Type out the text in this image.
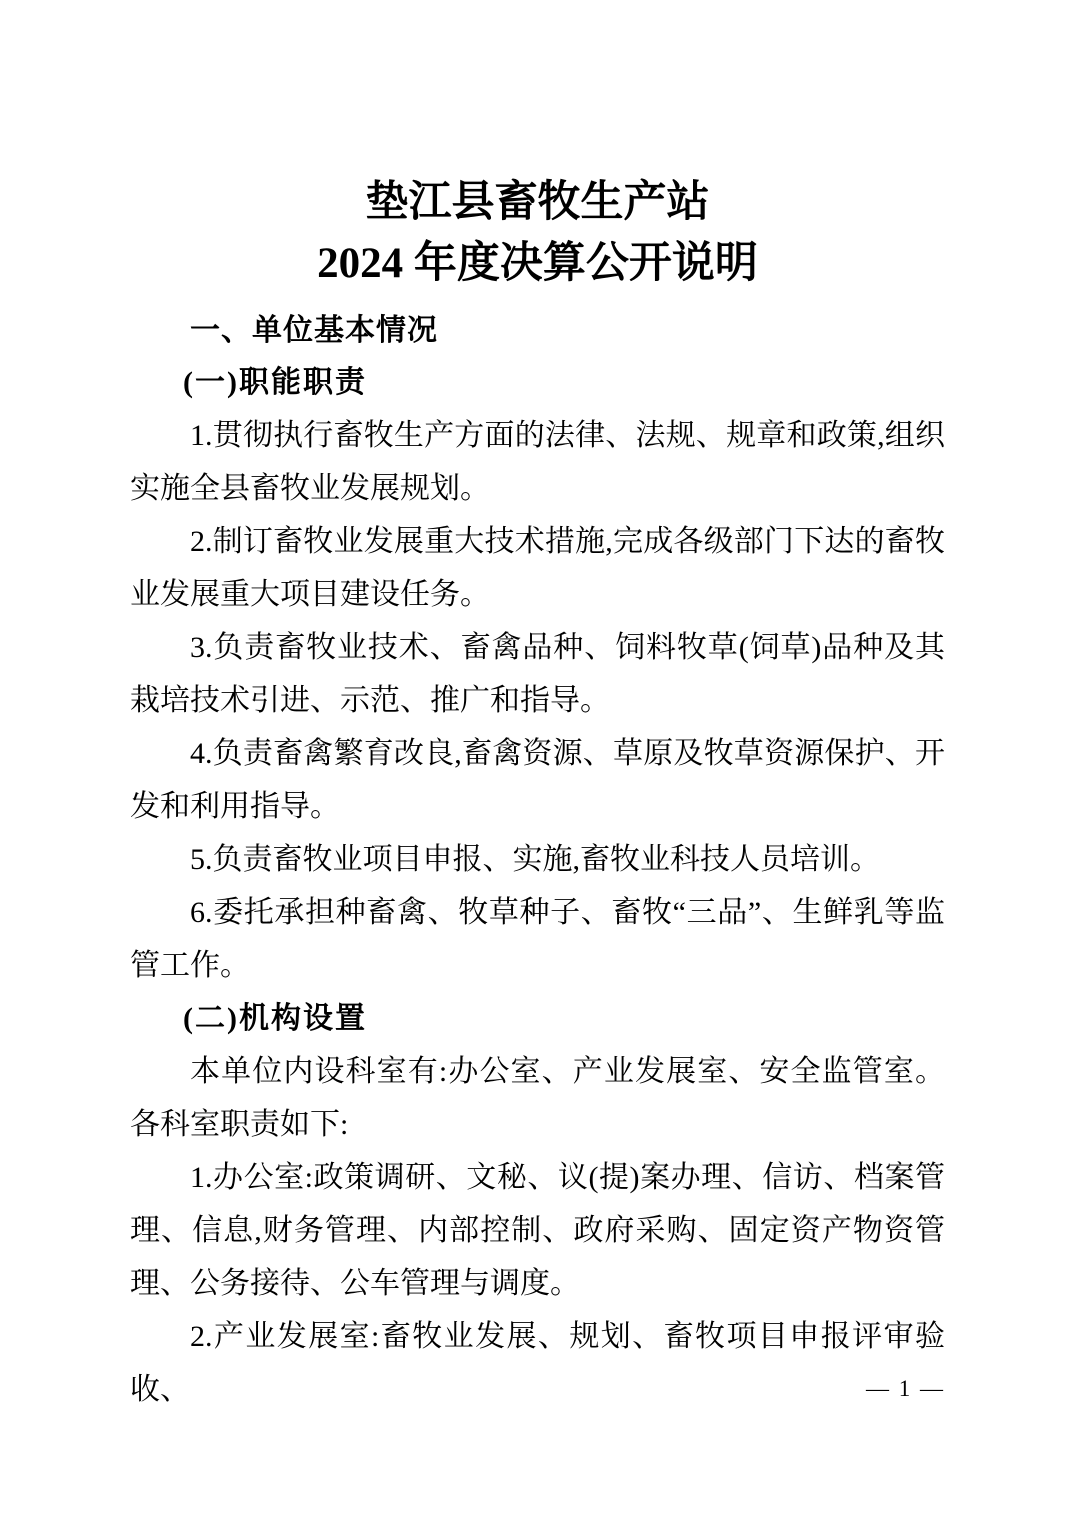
垫江县畜牧生产站
2024 年度决算公开说明
一、单位基本情况
(一)职能职责

1.贯彻执行畜牧生产方面的法律、法规、规章和政策,组织实施全县畜牧业发展规划。

2.制订畜牧业发展重大技术措施,完成各级部门下达的畜牧业发展重大项目建设任务。

3.负责畜牧业技术、畜禽品种、饲料牧草(饲草)品种及其栽培技术引进、示范、推广和指导。

4.负责畜禽繁育改良,畜禽资源、草原及牧草资源保护、开发和利用指导。

5.负责畜牧业项目申报、实施,畜牧业科技人员培训。

6.委托承担种畜禽、牧草种子、畜牧“三品”、生鲜乳等监管工作。

(二)机构设置

本单位内设科室有:办公室、产业发展室、安全监管室。各科室职责如下:

1.办公室:政策调研、文秘、议(提)案办理、信访、档案管理、信息,财务管理、内部控制、政府采购、固定资产物资管理、公务接待、公车管理与调度。

2.产业发展室:畜牧业发展、规划、畜牧项目申报评审验收、	— 1 —
